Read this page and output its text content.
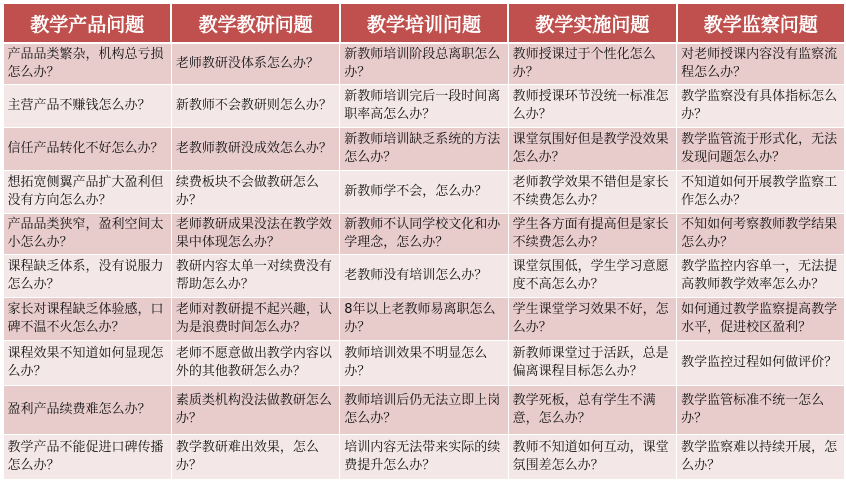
教学产品问题	教学教研问题	教学培训问题	教学实施问题	教学监察问题
产品品类繁杂，机构总亏损怎么办？	老师教研没体系怎么办？	新教师培训阶段总离职怎么办？	教师授课过于个性化怎么办？	对老师授课内容没有监察流程怎么办？
主营产品不赚钱怎么办？	新教师不会教研则怎么办？	新教师培训完后一段时间离职率高怎么办？	教师授课环节没统一标准怎么办？	教学监察没有具体指标怎么办？
信任产品转化不好怎么办？	老教师教研没成效怎么办？	新教师培训缺乏系统的方法怎么办？	课堂氛围好但是教学没效果怎么办？	教学监管流于形式化，无法发现问题怎么办？
想拓宽侧翼产品扩大盈利但没有方向怎么办？	续费板块不会做教研怎么办？	新教师学不会，怎么办？	老师教学效果不错但是家长不续费怎么办？	不知道如何开展教学监察工作怎么办？
产品品类狭窄，盈利空间太小怎么办？	老师教研成果没法在教学效果中体现怎么办？	新教师不认同学校文化和办学理念，怎么办？	学生各方面有提高但是家长不续费怎么办？	不知如何考察教师教学结果怎么办？
课程缺乏体系，没有说服力怎么办？	教研内容太单一对续费没有帮助怎么办？	老教师没有培训怎么办？	课堂氛围低，学生学习意愿度不高怎么办？	教学监控内容单一，无法提高教师教学效率怎么办？
家长对课程缺乏体验感，口碑不温不火怎么办？	老师对教研提不起兴趣，认为是浪费时间怎么办？	8年以上老教师易离职怎么办？	学生课堂学习效果不好，怎么办？	如何通过教学监察提高教学水平，促进校区盈利？
课程效果不知道如何显现怎么办？	老师不愿意做出教学内容以外的其他教研怎么办？	教师培训效果不明显怎么办？	新教师课堂过于活跃，总是偏离课程目标怎么办？	教学监控过程如何做评价？
盈利产品续费难怎么办？	素质类机构没法做教研怎么办？	教师培训后仍无法立即上岗怎么办？	教学死板，总有学生不满意，怎么办？	教学监管标准不统一怎么办？
教学产品不能促进口碑传播怎么办？	教学教研难出效果，怎么办？	培训内容无法带来实际的续费提升怎么办？	教师不知道如何互动，课堂氛围差怎么办？	教学监察难以持续开展，怎么办？
